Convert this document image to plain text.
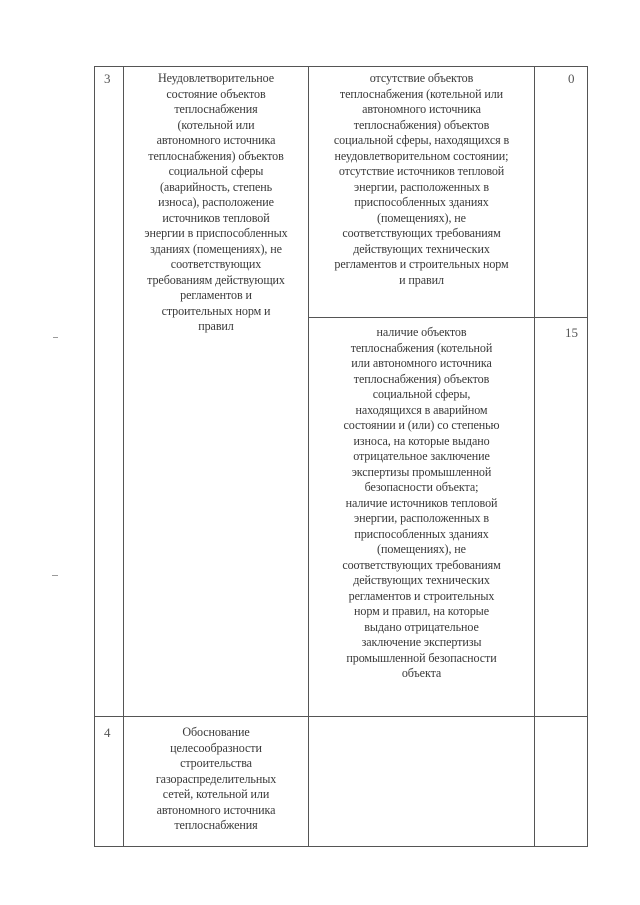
3	Неудовлетворительное
состояние объектов
теплоснабжения
(котельной или
автономного источника
теплоснабжения) объектов
социальной сферы
(аварийность, степень
износа), расположение
источников тепловой
энергии в приспособленных
зданиях (помещениях), не
соответствующих
требованиям действующих
регламентов и
строительных норм и
правил
отсутствие объектов
теплоснабжения (котельной или
автономного источника
теплоснабжения) объектов
социальной сферы, находящихся в
неудовлетворительном состоянии;
отсутствие источников тепловой
энергии, расположенных в
приспособленных зданиях
(помещениях), не
соответствующих требованиям
действующих технических
регламентов и строительных норм
и правил
0
наличие объектов
теплоснабжения (котельной
или автономного источника
теплоснабжения) объектов
социальной сферы,
находящихся в аварийном
состоянии и (или) со степенью
износа, на которые выдано
отрицательное заключение
экспертизы промышленной
безопасности объекта;
наличие источников тепловой
энергии, расположенных в
приспособленных зданиях
(помещениях), не
соответствующих требованиям
действующих технических
регламентов и строительных
норм и правил, на которые
выдано отрицательное
заключение экспертизы
промышленной безопасности
объекта
15
4	Обоснование
целесообразности
строительства
газораспределительных
сетей, котельной или
автономного источника
теплоснабжения
